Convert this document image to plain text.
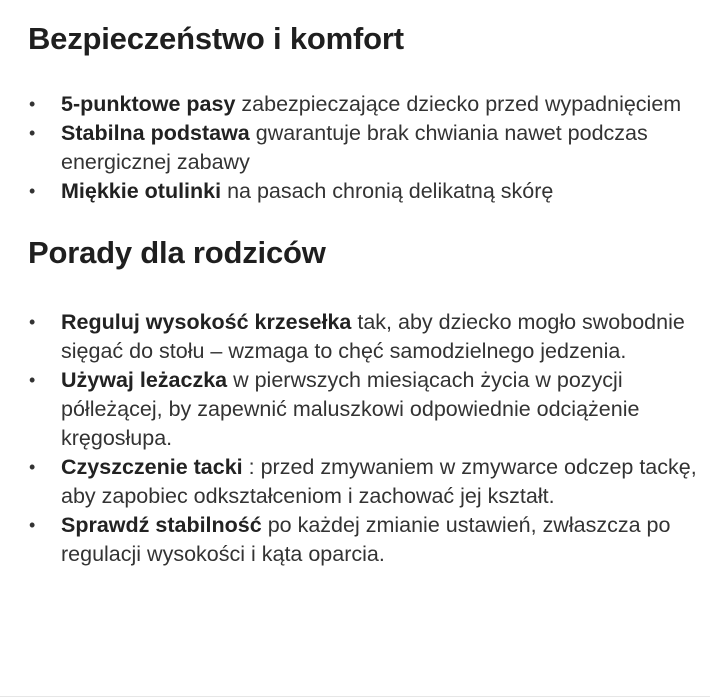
Bezpieczeństwo i komfort
• 5-punktowe pasy zabezpieczające dziecko przed wypadnięciem
• Stabilna podstawa gwarantuje brak chwiania nawet podczas energicznej zabawy
• Miękkie otulinki na pasach chronią delikatną skórę
Porady dla rodziców
• Reguluj wysokość krzesełka tak, aby dziecko mogło swobodnie sięgać do stołu – wzmaga to chęć samodzielnego jedzenia.
• Używaj leżaczka w pierwszych miesiącach życia w pozycji półleżącej, by zapewnić maluszkowi odpowiednie odciążenie kręgosłupa.
• Czyszczenie tacki : przed zmywaniem w zmywarce odczep tackę, aby zapobiec odkształceniom i zachować jej kształt.
• Sprawdź stabilność po każdej zmianie ustawień, zwłaszcza po regulacji wysokości i kąta oparcia.
